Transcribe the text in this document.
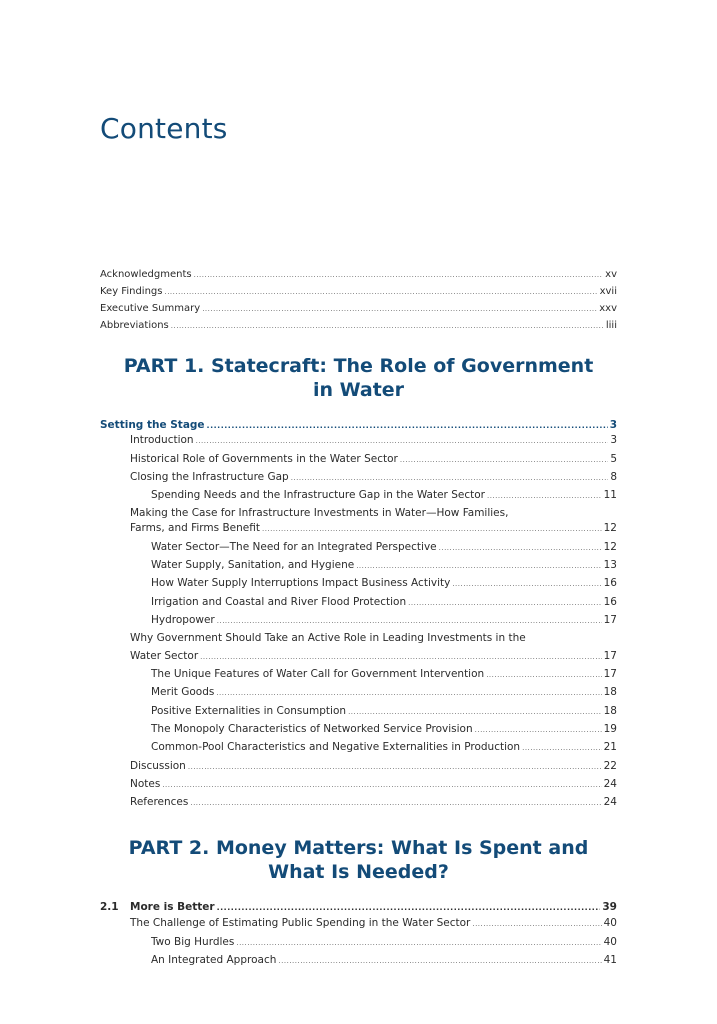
Contents
Acknowledgments .....	xv
Key Findings .....	xvii
Executive Summary .....	xxv
Abbreviations .....	liii
PART 1. Statecraft: The Role of Government
in Water
Setting the Stage .....	3
Introduction .....	3
Historical Role of Governments in the Water Sector .....	5
Closing the Infrastructure Gap .....	8
Spending Needs and the Infrastructure Gap in the Water Sector .....	11
Making the Case for Infrastructure Investments in Water—How Families,
Farms, and Firms Benefit .....	12
Water Sector—The Need for an Integrated Perspective .....	12
Water Supply, Sanitation, and Hygiene .....	13
How Water Supply Interruptions Impact Business Activity .....	16
Irrigation and Coastal and River Flood Protection .....	16
Hydropower .....	17
Why Government Should Take an Active Role in Leading Investments in the
Water Sector .....	17
The Unique Features of Water Call for Government Intervention .....	17
Merit Goods .....	18
Positive Externalities in Consumption .....	18
The Monopoly Characteristics of Networked Service Provision .....	19
Common-Pool Characteristics and Negative Externalities in Production .....	21
Discussion .....	22
Notes .....	24
References .....	24
PART 2. Money Matters: What Is Spent and
What Is Needed?
2.1 More is Better .....	39
The Challenge of Estimating Public Spending in the Water Sector .....	40
Two Big Hurdles .....	40
An Integrated Approach .....	41
